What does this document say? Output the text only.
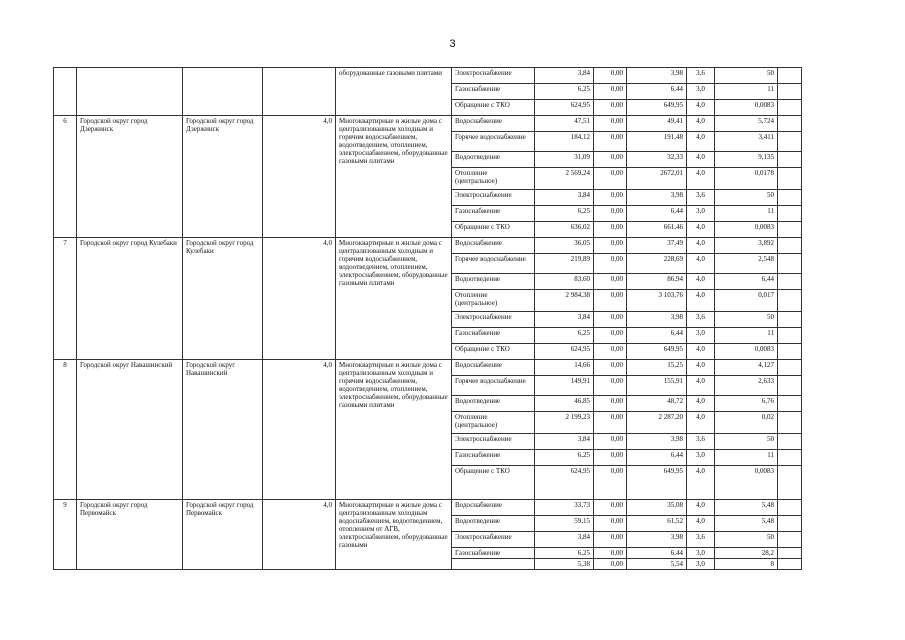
3
				оборудованные газовыми плитами	Электроснабжение	3,84	0,00	3,98	3,6	50	
					Газоснабжение	6,25	0,00	6,44	3,0	11	
					Обращение с ТКО	624,95	0,00	649,95	4,0	0,0083	
6	Городской округ город Дзержинск	Городской округ город Дзержинск	4,0	Многоквартирные и жилые дома с централизованным холодным и горячим водоснабжением, водоотведением, отоплением, электроснабжением, оборудованные газовыми плитами	Водоснабжение	47,51	0,00	49,41	4,0	5,724	
					Горячее водоснабжение	184,12	0,00	191,48	4,0	3,411	
					Водоотведение	31,09	0,00	32,33	4,0	9,135	
					Отопление (центральное)	2 569,24	0,00	2672,01	4,0	0,0178	
					Электроснабжение	3,84	0,00	3,98	3,6	50	
					Газоснабжение	6,25	0,00	6,44	3,0	11	
					Обращение с ТКО	636,02	0,00	661,46	4,0	0,0083	
7	Городской округ город Кулебаки	Городской округ город Кулебаки	4,0	Многоквартирные и жилые дома с централизованным холодным и горячим водоснабжением, водоотведением, отоплением, электроснабжением, оборудованные газовыми плитами	Водоснабжение	36,05	0,00	37,49	4,0	3,892	
					Горячее водоснабжение	219,89	0,00	228,69	4,0	2,548	
					Водоотведение	83,60	0,00	86,94	4,0	6,44	
					Отопление (центральное)	2 984,38	0,00	3 103,76	4,0	0,017	
					Электроснабжение	3,84	0,00	3,98	3,6	50	
					Газоснабжение	6,25	0,00	6,44	3,0	11	
					Обращение с ТКО	624,95	0,00	649,95	4,0	0,0083	
8	Городской округ Навашинский	Городской округ Навашинский	4,0	Многоквартирные и жилые дома с централизованным холодным и горячим водоснабжением, водоотведением, отоплением, электроснабжением, оборудованные газовыми плитами	Водоснабжение	14,66	0,00	15,25	4,0	4,127	
					Горячее водоснабжение	149,91	0,00	155,91	4,0	2,633	
					Водоотведение	46,85	0,00	48,72	4,0	6,76	
					Отопление (центральное)	2 199,23	0,00	2 287,20	4,0	0,02	
					Электроснабжение	3,84	0,00	3,98	3,6	50	
					Газоснабжение	6,25	0,00	6,44	3,0	11	
					Обращение с ТКО	624,95	0,00	649,95	4,0	0,0083	
9	Городской округ город Первомайск	Городской округ город Первомайск	4,0	Многоквартирные и жилые дома с централизованным холодным водоснабжением, водоотведением, отоплением от АГВ, электроснабжением, оборудованные газовыми	Водоснабжение	33,73	0,00	35,08	4,0	5,48	
					Водоотведение	59,15	0,00	61,52	4,0	5,48	
					Электроснабжение	3,84	0,00	3,98	3,6	50	
					Газоснабжение	6,25	0,00	6,44	3,0	28,2	
						5,38	0,00	5,54	3,0	8	
